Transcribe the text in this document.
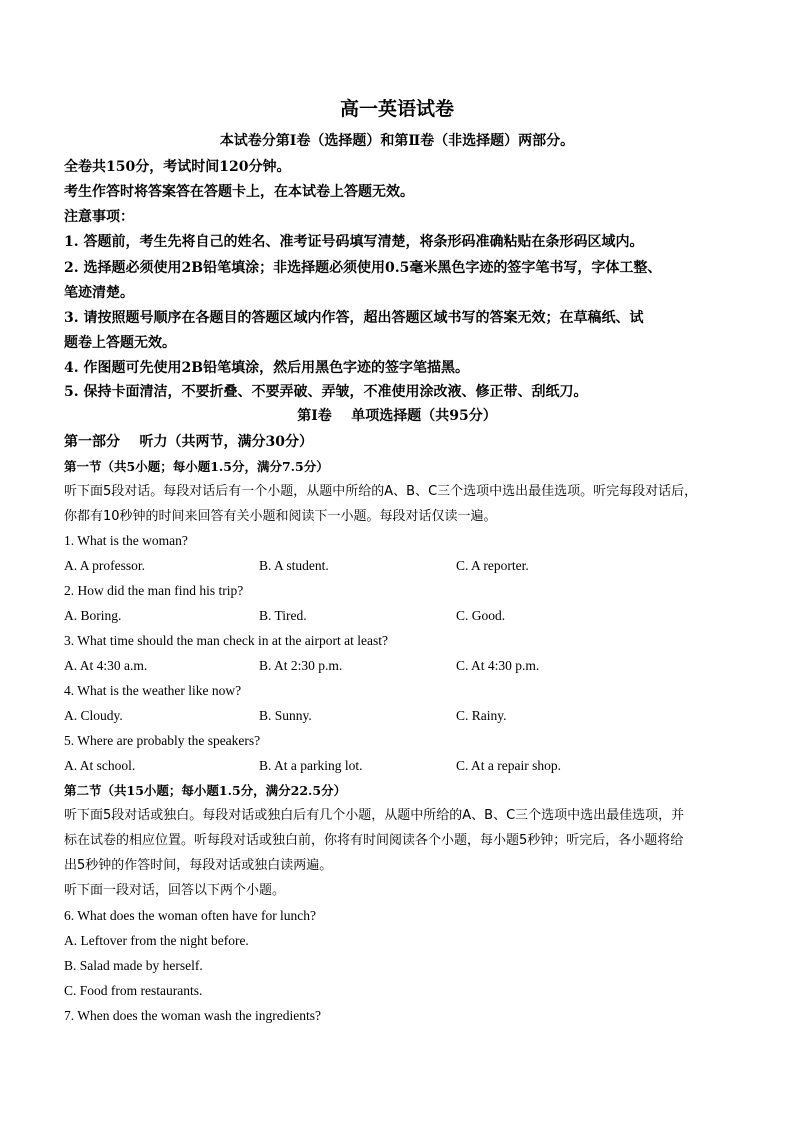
高一英语试卷
本试卷分第Ⅰ卷（选择题）和第Ⅱ卷（非选择题）两部分。
全卷共150分，考试时间120分钟。
考生作答时将答案答在答题卡上，在本试卷上答题无效。
注意事项：
1. 答题前，考生先将自己的姓名、准考证号码填写清楚，将条形码准确粘贴在条形码区域内。
2. 选择题必须使用2B铅笔填涂；非选择题必须使用0.5毫米黑色字迹的签字笔书写，字体工整、
笔迹清楚。
3. 请按照题号顺序在各题目的答题区域内作答，超出答题区域书写的答案无效；在草稿纸、试
题卷上答题无效。
4. 作图题可先使用2B铅笔填涂，然后用黑色字迹的签字笔描黑。
5. 保持卡面清洁，不要折叠、不要弄破、弄皱，不准使用涂改液、修正带、刮纸刀。
第Ⅰ卷    单项选择题（共95分）
第一部分    听力（共两节，满分30分）
第一节（共5小题；每小题1.5分，满分7.5分）
听下面5段对话。每段对话后有一个小题，从题中所给的A、B、C三个选项中选出最佳选项。听完每段对话后，
你都有10秒钟的时间来回答有关小题和阅读下一小题。每段对话仅读一遍。
1. What is the woman?
A. A professor.	B. A student.	C. A reporter.
2. How did the man find his trip?
A. Boring.	B. Tired.	C. Good.
3. What time should the man check in at the airport at least?
A. At 4:30 a.m.	B. At 2:30 p.m.	C. At 4:30 p.m.
4. What is the weather like now?
A. Cloudy.	B. Sunny.	C. Rainy.
5. Where are probably the speakers?
A. At school.	B. At a parking lot.	C. At a repair shop.
第二节（共15小题；每小题1.5分，满分22.5分）
听下面5段对话或独白。每段对话或独白后有几个小题，从题中所给的A、B、C三个选项中选出最佳选项，并
标在试卷的相应位置。听每段对话或独白前，你将有时间阅读各个小题，每小题5秒钟；听完后，各小题将给
出5秒钟的作答时间，每段对话或独白读两遍。
听下面一段对话，回答以下两个小题。
6. What does the woman often have for lunch?
A. Leftover from the night before.
B. Salad made by herself.
C. Food from restaurants.
7. When does the woman wash the ingredients?
